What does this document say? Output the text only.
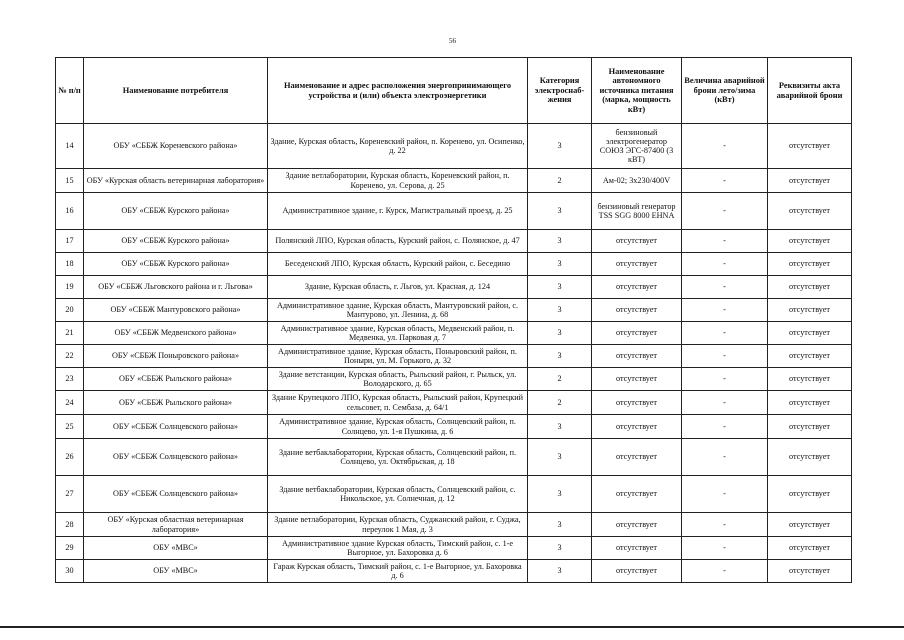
56
№ п/п	Наименование потребителя	Наименование и адрес расположения энергопринимающего устройства и (или) объекта электроэнергетики	Категория электроснаб-жения	Наименование автономного источника питания (марка, мощность кВт)	Величина аварийной брони лето/зима (кВт)	Реквизиты акта аварийной брони
14	ОБУ «СББЖ Кореневского района»	Здание, Курская область, Кореневский район, п. Коренево, ул. Осипенко, д. 22	3	бензиновый электрогенератор СОЮЗ ЭГС-87400 (3 кВТ)	-	отсутствует
15	ОБУ «Курская область ветеринарная лаборатория»	Здание ветлаборатории, Курская область, Кореневский район, п. Коренево, ул. Серова, д. 25	2	Ам-02; 3х230/400V	-	отсутствует
16	ОБУ «СББЖ Курского района»	Административное здание, г. Курск, Магистральный проезд, д. 25	3	бензиновый генератор TSS SGG 8000 EHNA	-	отсутствует
17	ОБУ «СББЖ Курского района»	Полянский ЛПО, Курская область, Курский район, с. Полянское, д. 47	3	отсутствует	-	отсутствует
18	ОБУ «СББЖ Курского района»	Беседенский ЛПО, Курская область, Курский район, с. Беседино	3	отсутствует	-	отсутствует
19	ОБУ «СББЖ Льговского района и г. Льгова»	Здание, Курская область, г. Льгов, ул. Красная, д. 124	3	отсутствует	-	отсутствует
20	ОБУ «СББЖ Мантуровского района»	Административное здание, Курская область, Мантуровский район, с. Мантурово, ул. Ленина, д. 68	3	отсутствует	-	отсутствует
21	ОБУ «СББЖ Медвенского района»	Административное здание, Курская область, Медвенский район, п. Медвенка, ул. Парковая д. 7	3	отсутствует	-	отсутствует
22	ОБУ «СББЖ Поныровского района»	Административное здание, Курская область, Поныровский район, п. Поныри, ул. М. Горького, д. 32	3	отсутствует	-	отсутствует
23	ОБУ «СББЖ Рыльского района»	Здание ветстанции, Курская область, Рыльский район, г. Рыльск, ул. Володарского, д. 65	2	отсутствует	-	отсутствует
24	ОБУ «СББЖ Рыльского района»	Здание Крупецкого ЛПО, Курская область, Рыльский район, Крупецкий сельсовет, п. Сембаза, д. 64/1	2	отсутствует	-	отсутствует
25	ОБУ «СББЖ Солнцевского района»	Административное здание, Курская область, Солнцевский район, п. Солнцево, ул. 1-я Пушкина, д. 6	3	отсутствует	-	отсутствует
26	ОБУ «СББЖ Солнцевского района»	Здание ветбаклаборатории, Курская область, Солнцевский район, п. Солнцево, ул. Октябрьская, д. 18	3	отсутствует	-	отсутствует
27	ОБУ «СББЖ Солнцевского района»	Здание ветбаклаборатории, Курская область, Солнцевский район, с. Никольское, ул. Солнечная, д. 12	3	отсутствует	-	отсутствует
28	ОБУ «Курская областная ветеринарная лаборатория»	Здание ветлаборатории, Курская область, Суджанский район, г. Суджа, переулок 1 Мая, д. 3	3	отсутствует	-	отсутствует
29	ОБУ «МВС»	Административное здание Курская область, Тимский район, с. 1-е Выгорное, ул. Бахоровка д. 6	3	отсутствует	-	отсутствует
30	ОБУ «МВС»	Гараж Курская область, Тимский район, с. 1-е Выгорное, ул. Бахоровка д. 6	3	отсутствует	-	отсутствует
